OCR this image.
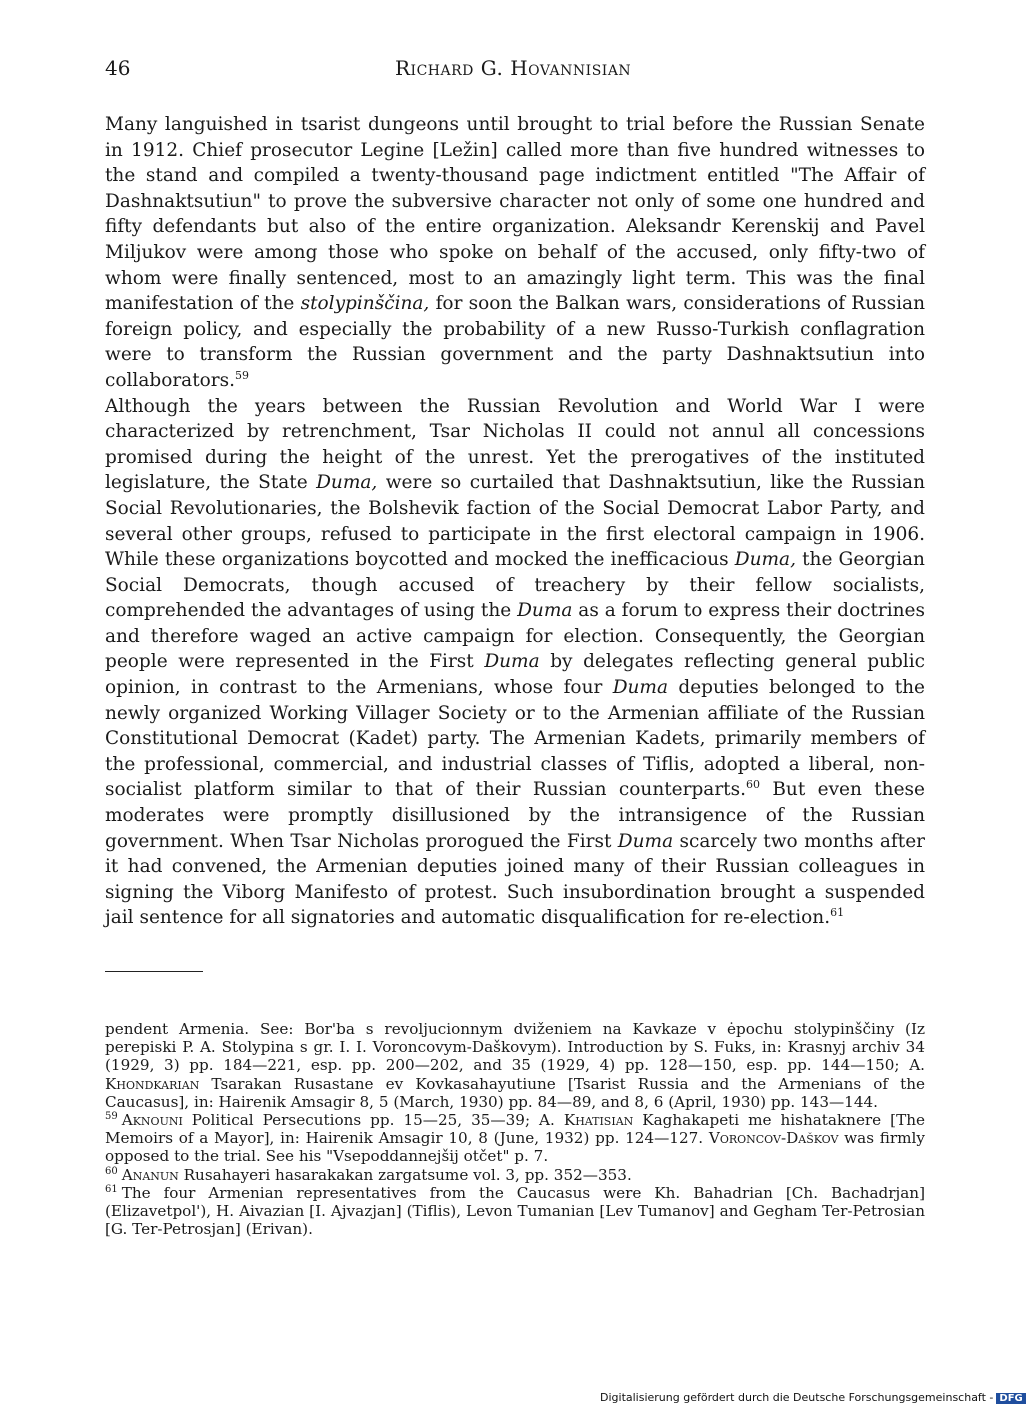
46	Richard G. Hovannisian

Many languished in tsarist dungeons until brought to trial before the Russian Senate in 1912. Chief prosecutor Legine [Ležin] called more than five hundred witnesses to the stand and compiled a twenty-thousand page indictment entitled "The Affair of Dashnaktsutiun" to prove the subversive character not only of some one hundred and fifty defendants but also of the entire organization. Aleksandr Kerenskij and Pavel Miljukov were among those who spoke on behalf of the accused, only fifty-two of whom were finally sentenced, most to an amazingly light term. This was the final manifestation of the stolypinščina, for soon the Balkan wars, considerations of Russian foreign policy, and especially the probability of a new Russo-Turkish conflagration were to transform the Russian government and the party Dashnaktsutiun into collaborators.$^{59}$

Although the years between the Russian Revolution and World War I were characterized by retrenchment, Tsar Nicholas II could not annul all concessions promised during the height of the unrest. Yet the prerogatives of the instituted legislature, the State Duma, were so curtailed that Dashnaktsutiun, like the Russian Social Revolutionaries, the Bolshevik faction of the Social Democrat Labor Party, and several other groups, refused to participate in the first electoral campaign in 1906. While these organizations boycotted and mocked the inefficacious Duma, the Georgian Social Democrats, though accused of treachery by their fellow socialists, comprehended the advantages of using the Duma as a forum to express their doctrines and therefore waged an active campaign for election. Consequently, the Georgian people were represented in the First Duma by delegates reflecting general public opinion, in contrast to the Armenians, whose four Duma deputies belonged to the newly organized Working Villager Society or to the Armenian affiliate of the Russian Constitutional Democrat (Kadet) party. The Armenian Kadets, primarily members of the professional, commercial, and industrial classes of Tiflis, adopted a liberal, non-socialist platform similar to that of their Russian counterparts.$^{60}$ But even these moderates were promptly disillusioned by the intransigence of the Russian government. When Tsar Nicholas prorogued the First Duma scarcely two months after it had convened, the Armenian deputies joined many of their Russian colleagues in signing the Viborg Manifesto of protest. Such insubordination brought a suspended jail sentence for all signatories and automatic disqualification for re-election.$^{61}$

pendent Armenia. See: Bor'ba s revoljucionnym dviženiem na Kavkaze v ėpochu stolypinščiny (Iz perepiski P. A. Stolypina s gr. I. I. Voroncovym-Daškovym). Introduction by S. Fuks, in: Krasnyj archiv 34 (1929, 3) pp. 184—221, esp. pp. 200—202, and 35 (1929, 4) pp. 128—150, esp. pp. 144—150; A. Khondkarian Tsarakan Rusastane ev Kovkasahayutiune [Tsarist Russia and the Armenians of the Caucasus], in: Hairenik Amsagir 8, 5 (March, 1930) pp. 84—89, and 8, 6 (April, 1930) pp. 143—144.

$^{59}$ Aknouni Political Persecutions pp. 15—25, 35—39; A. Khatisian Kaghakapeti me hishataknere [The Memoirs of a Mayor], in: Hairenik Amsagir 10, 8 (June, 1932) pp. 124—127. Voroncov-Daškov was firmly opposed to the trial. See his "Vsepoddannejšij otčet" p. 7.

$^{60}$ Ananun Rusahayeri hasarakakan zargatsume vol. 3, pp. 352—353.

$^{61}$ The four Armenian representatives from the Caucasus were Kh. Bahadrian [Ch. Bachadrjan] (Elizavetpol'), H. Aivazian [I. Ajvazjan] (Tiflis), Levon Tumanian [Lev Tumanov] and Gegham Ter-Petrosian [G. Ter-Petrosjan] (Erivan).

Digitalisierung gefördert durch die Deutsche Forschungsgemeinschaft - DFG
